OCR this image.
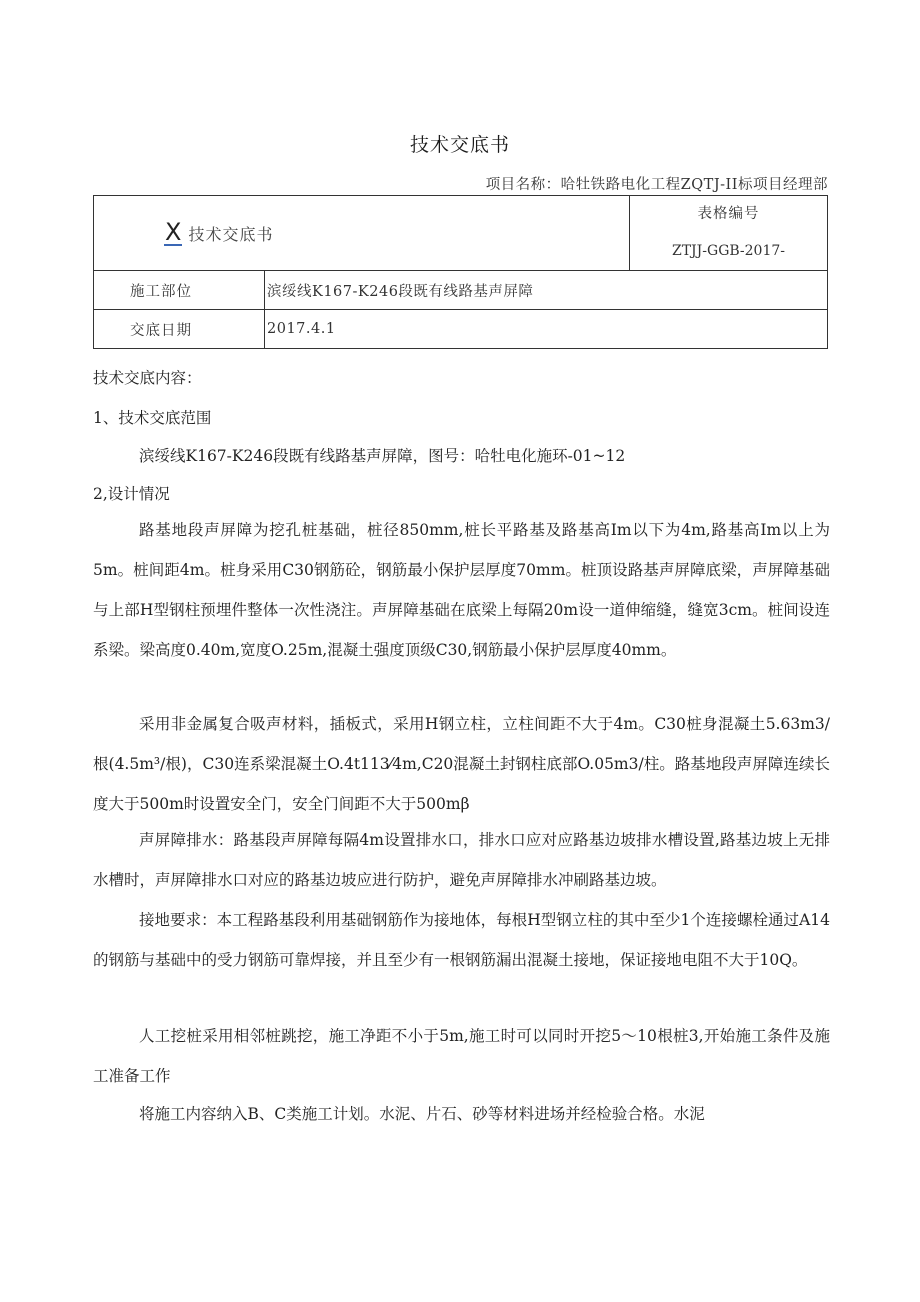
技术交底书
项目名称：哈牡铁路电化工程ZQTJ-II标项目经理部
X 技术交底书		表格编号
ZTJJ-GGB-2017-

施工部位	滨绥线K167-K246段既有线路基声屏障	
交底日期	2017.4.1	

技术交底内容：

1、技术交底范围

滨绥线K167-K246段既有线路基声屏障，图号：哈牡电化施环-01~12

2,设计情况

路基地段声屏障为挖孔桩基础，桩径850mm,桩长平路基及路基高Im以下为4m,路基高Im以上为5m。桩间距4m。桩身采用C30钢筋砼，钢筋最小保护层厚度70mm。桩顶设路基声屏障底梁，声屏障基础与上部H型钢柱预埋件整体一次性浇注。声屏障基础在底梁上每隔20m设一道伸缩缝，缝宽3cm。桩间设连系梁。梁高度0.40m,宽度O.25m,混凝土强度顶级C30,钢筋最小保护层厚度40mm。

采用非金属复合吸声材料，插板式，采用H钢立柱，立柱间距不大于4m。C30桩身混凝土5.63m3/根(4.5m³/根)，C30连系梁混凝土O.4t113⁄4m,C20混凝土封钢柱底部O.05m3/柱。路基地段声屏障连续长度大于500m时设置安全门，安全门间距不大于500mβ

声屏障排水：路基段声屏障每隔4m设置排水口，排水口应对应路基边坡排水槽设置,路基边坡上无排水槽时，声屏障排水口对应的路基边坡应进行防护，避免声屏障排水冲刷路基边坡。

接地要求：本工程路基段利用基础钢筋作为接地体，每根H型钢立柱的其中至少1个连接螺栓通过A14的钢筋与基础中的受力钢筋可靠焊接，并且至少有一根钢筋漏出混凝土接地，保证接地电阻不大于10Q。

人工挖桩采用相邻桩跳挖，施工净距不小于5m,施工时可以同时开挖5～10根桩3,开始施工条件及施工准备工作

将施工内容纳入B、C类施工计划。水泥、片石、砂等材料进场并经检验合格。水泥
